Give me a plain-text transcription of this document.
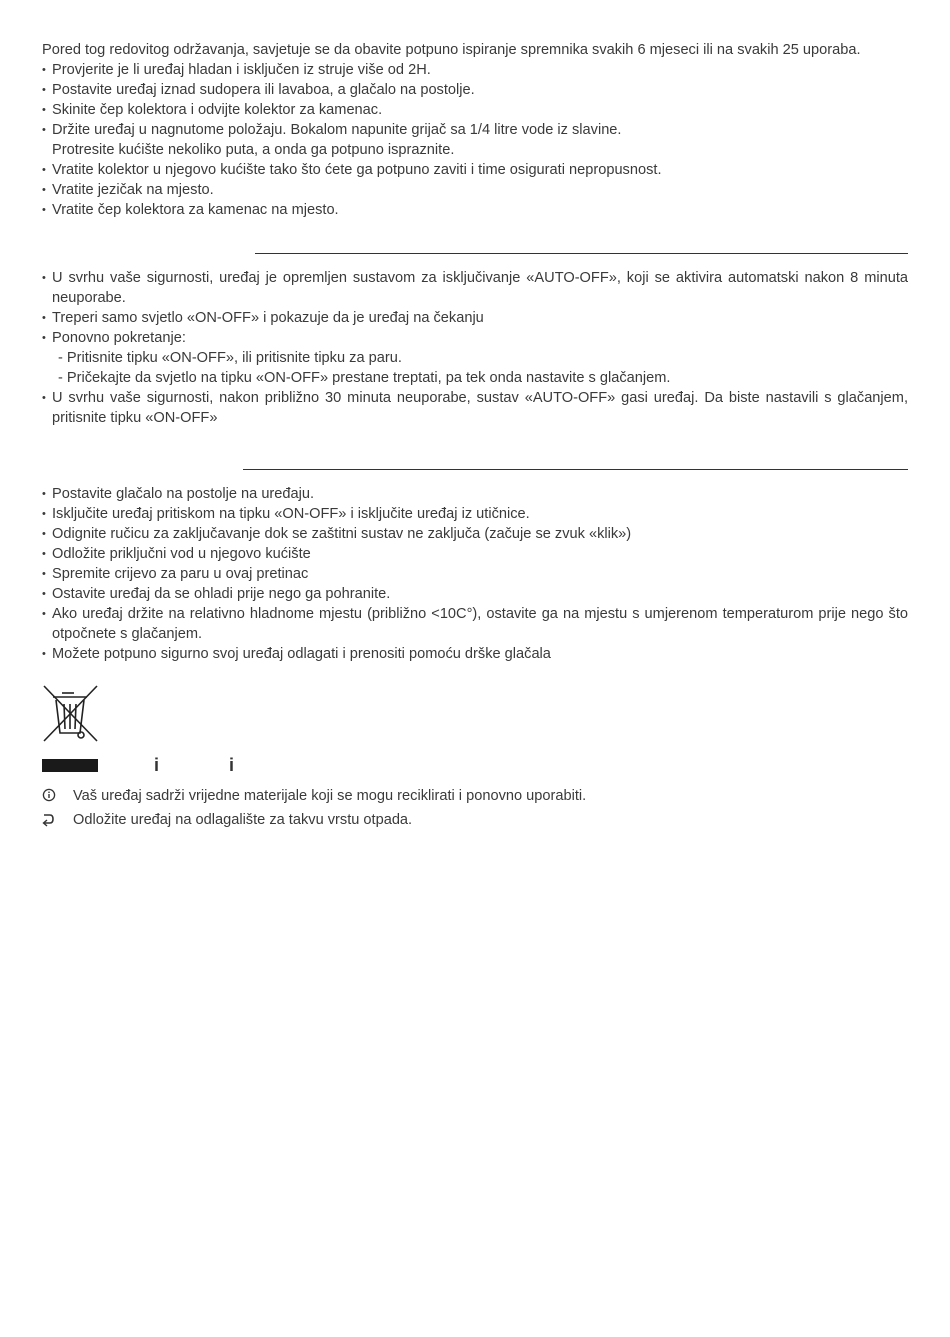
Pored tog redovitog održavanja, savjetuje se da obavite potpuno ispiranje spremnika svakih 6 mjeseci ili na svakih 25 uporaba.

• Provjerite je li uređaj hladan i isključen iz struje više od 2H.
• Postavite uređaj iznad sudopera ili lavaboa, a glačalo na postolje.
• Skinite čep kolektora i odvijte kolektor za kamenac.
• Držite uređaj u nagnutome položaju. Bokalom napunite grijač sa 1/4 litre vode iz slavine.
Protresite kućište nekoliko puta, a onda ga potpuno ispraznite.
• Vratite kolektor u njegovo kućište tako što ćete ga potpuno zaviti i time osigurati nepropusnost.
• Vratite jezičak na mjesto.
• Vratite čep kolektora za kamenac na mjesto.
• U svrhu vaše sigurnosti, uređaj je opremljen sustavom za isključivanje «AUTO-OFF», koji se aktivira automatski nakon 8 minuta neuporabe.
• Treperi samo svjetlo «ON-OFF» i pokazuje da je uređaj na čekanju
• Ponovno pokretanje:
- Pritisnite tipku «ON-OFF», ili pritisnite tipku za paru.
- Pričekajte da svjetlo na tipku «ON-OFF» prestane treptati, pa tek onda nastavite s glačanjem.
• U svrhu vaše sigurnosti, nakon približno 30 minuta neuporabe, sustav «AUTO-OFF» gasi uređaj. Da biste nastavili s glačanjem, pritisnite tipku «ON-OFF»
• Postavite glačalo na postolje na uređaju.
• Isključite uređaj pritiskom na tipku «ON-OFF» i isključite uređaj iz utičnice.
• Odignite ručicu za zaključavanje dok se zaštitni sustav ne zaključa (začuje se zvuk «klik»)
• Odložite priključni vod u njegovo kućište
• Spremite crijevo za paru u ovaj pretinac
• Ostavite uređaj da se ohladi prije nego ga pohranite.
• Ako uređaj držite na relativno hladnome mjestu (približno <10C°), ostavite ga na mjestu s umjerenom temperaturom prije nego što otpočnete s glačanjem.
• Možete potpuno sigurno svoj uređaj odlagati i prenositi pomoću drške glačala
i	i
Vaš uređaj sadrži vrijedne materijale koji se mogu reciklirati i ponovno uporabiti.
Odložite uređaj na odlagalište za takvu vrstu otpada.
